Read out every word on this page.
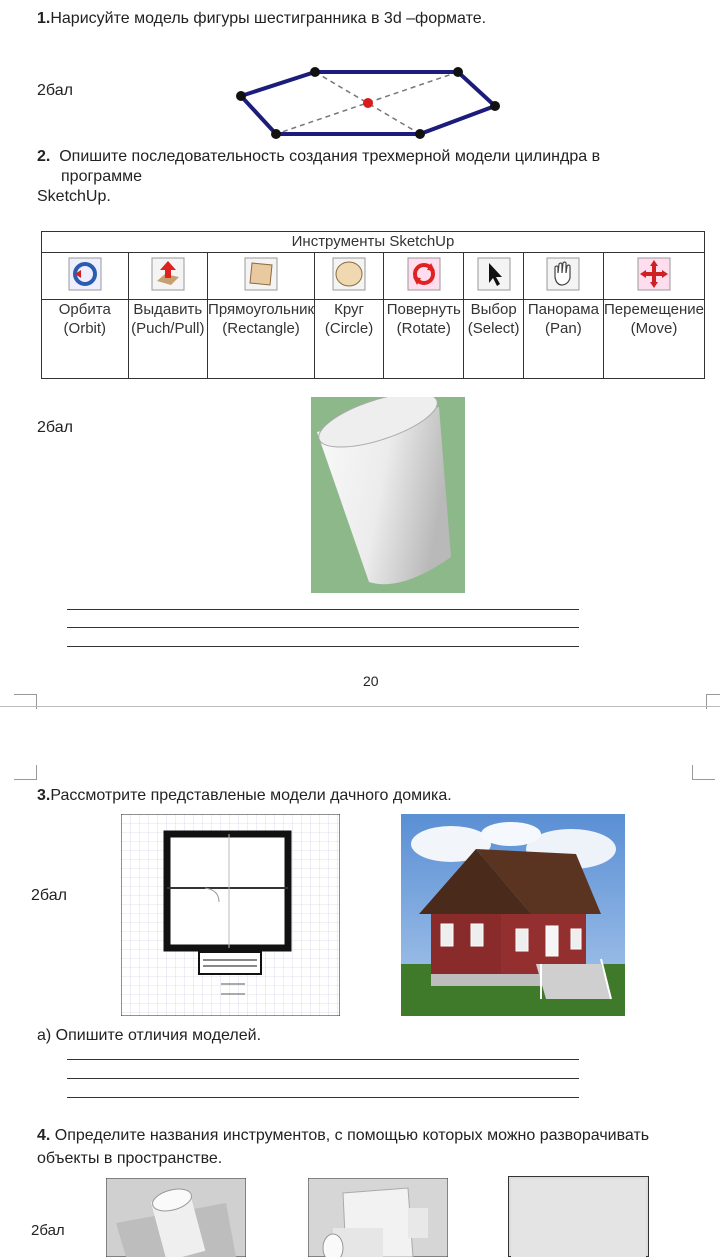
1.Нарисуйте модель фигуры шестигранника в 3d –формате.
2бал
2. Опишите последовательность создания трехмерной модели цилиндра в
программе
SketchUp.
Инструменты SketchUp							

Орбита (Orbit)	Выдавить (Puch/Pull)	Прямоугольник (Rectangle)	Круг (Circle)	Повернуть (Rotate)	Выбор (Select)	Панорама (Pan)	Перемещение (Move)
2бал
20
3.Рассмотрите представленые модели дачного домика.
2бал
а) Опишите отличия моделей.
4. Определите названия инструментов, с помощью которых можно разворачивать
объекты в пространстве.
2бал
